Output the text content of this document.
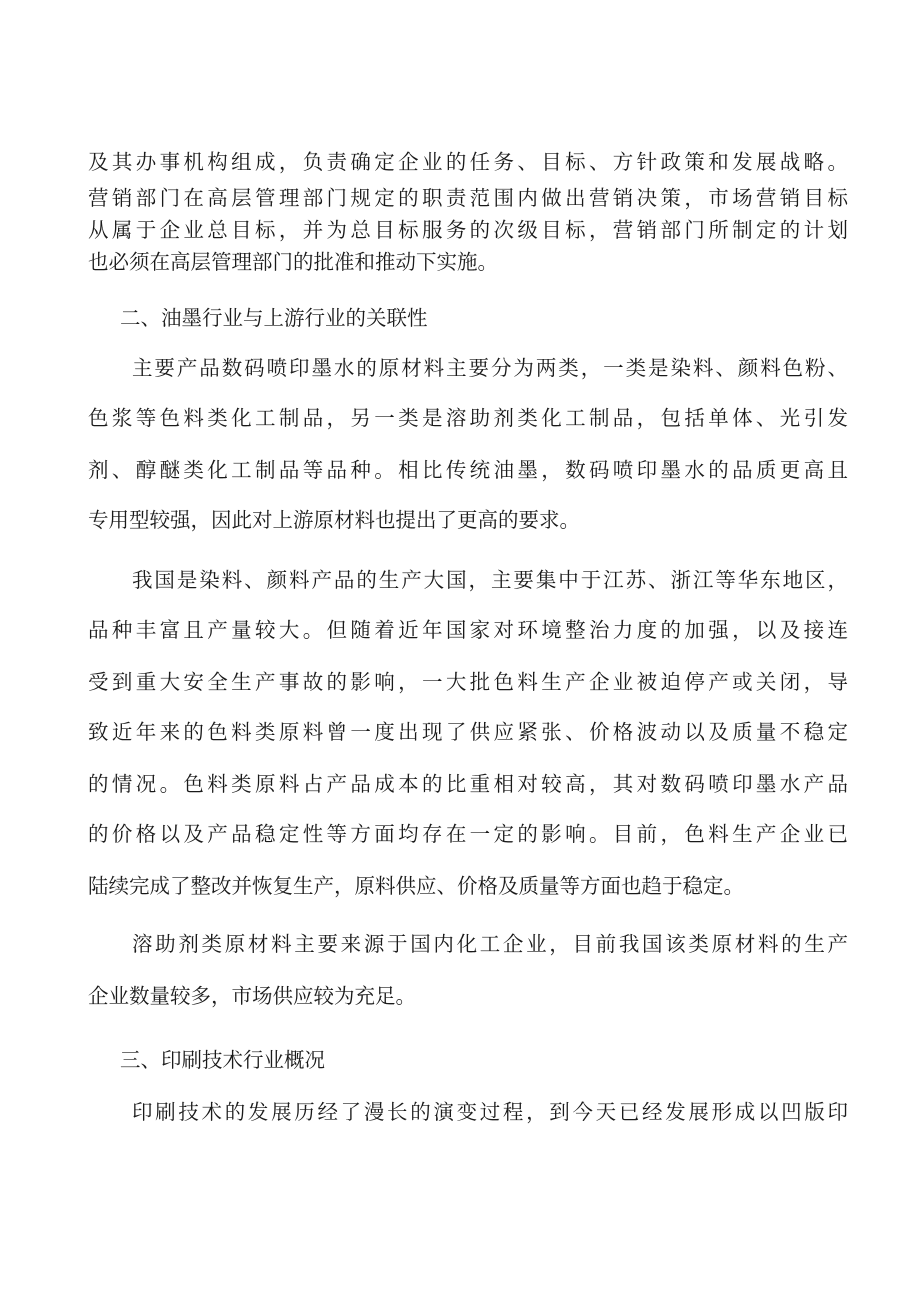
及其办事机构组成，负责确定企业的任务、目标、方针政策和发展战略。
营销部门在高层管理部门规定的职责范围内做出营销决策，市场营销目标
从属于企业总目标，并为总目标服务的次级目标，营销部门所制定的计划
也必须在高层管理部门的批准和推动下实施。
二、油墨行业与上游行业的关联性
主要产品数码喷印墨水的原材料主要分为两类，一类是染料、颜料色粉、
色浆等色料类化工制品，另一类是溶助剂类化工制品，包括单体、光引发
剂、醇醚类化工制品等品种。相比传统油墨，数码喷印墨水的品质更高且
专用型较强，因此对上游原材料也提出了更高的要求。
我国是染料、颜料产品的生产大国，主要集中于江苏、浙江等华东地区，
品种丰富且产量较大。但随着近年国家对环境整治力度的加强，以及接连
受到重大安全生产事故的影响，一大批色料生产企业被迫停产或关闭，导
致近年来的色料类原料曾一度出现了供应紧张、价格波动以及质量不稳定
的情况。色料类原料占产品成本的比重相对较高，其对数码喷印墨水产品
的价格以及产品稳定性等方面均存在一定的影响。目前，色料生产企业已
陆续完成了整改并恢复生产，原料供应、价格及质量等方面也趋于稳定。
溶助剂类原材料主要来源于国内化工企业，目前我国该类原材料的生产
企业数量较多，市场供应较为充足。
三、印刷技术行业概况
印刷技术的发展历经了漫长的演变过程，到今天已经发展形成以凹版印
